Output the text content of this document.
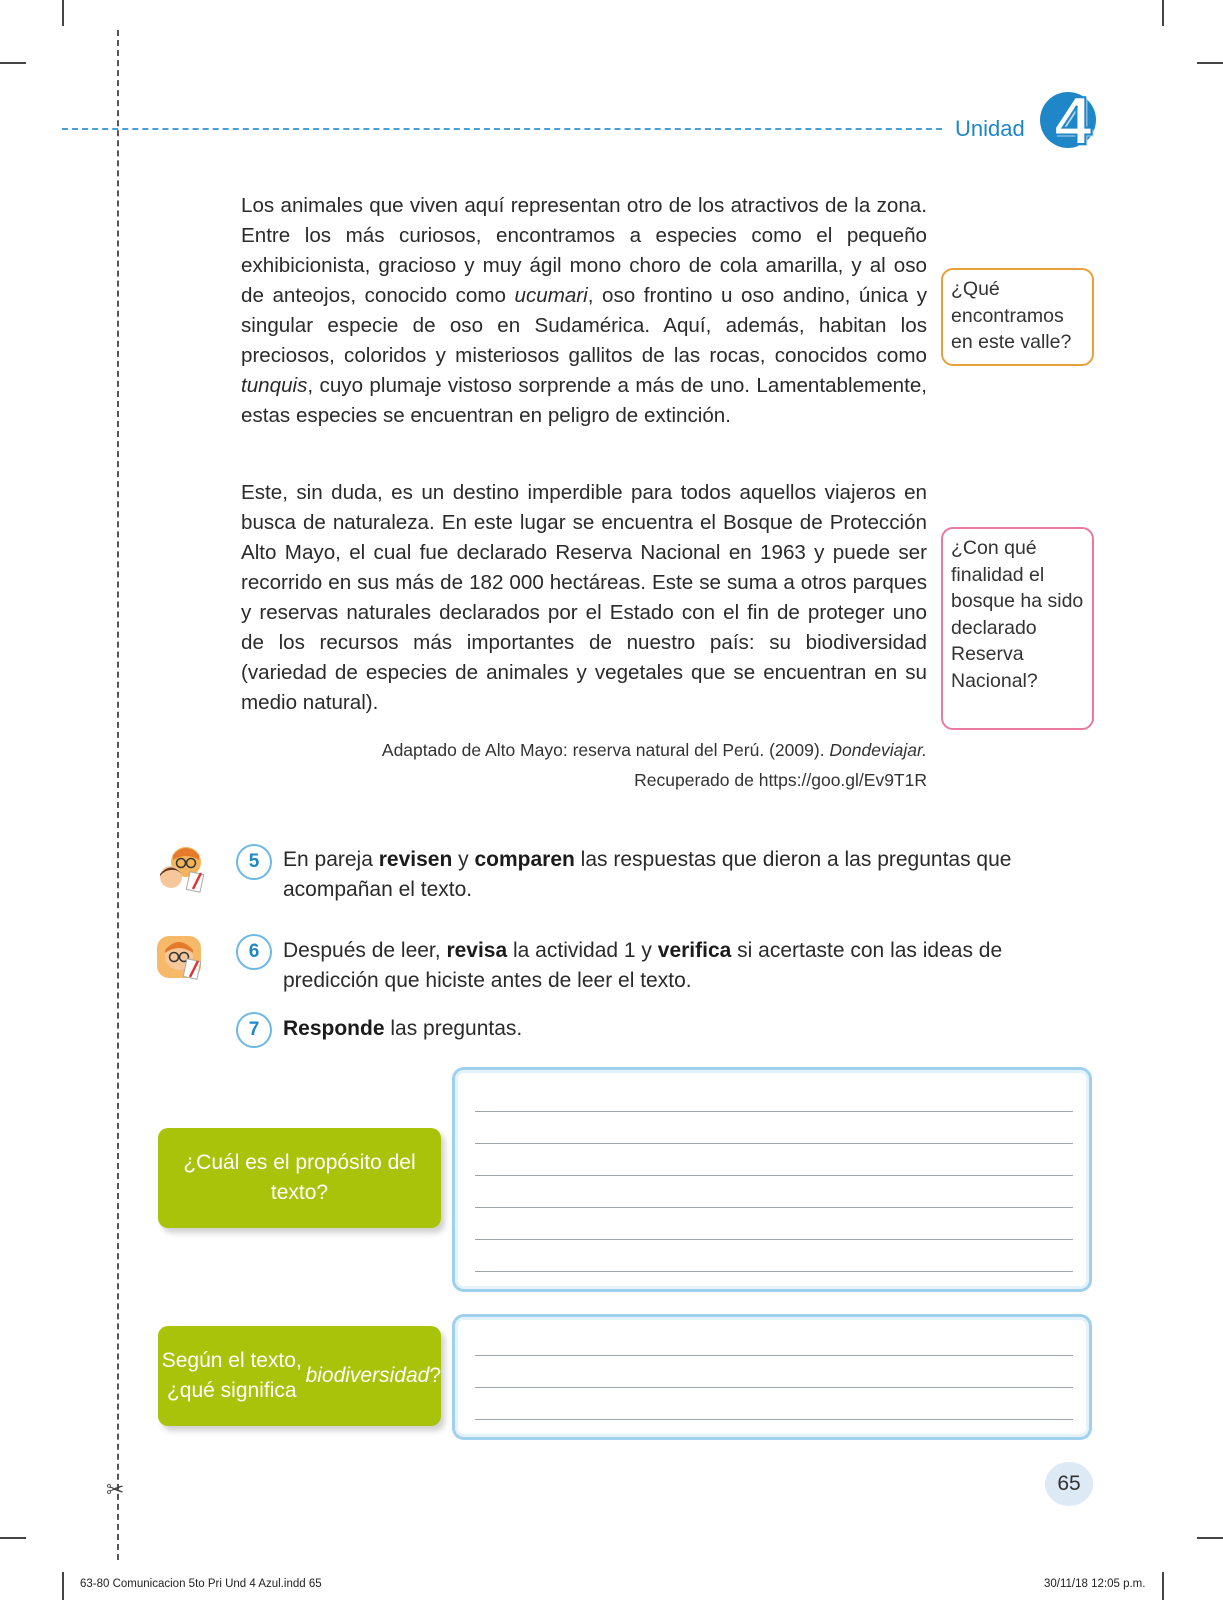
Unidad 4
Los animales que viven aquí representan otro de los atractivos de la zona. Entre los más curiosos, encontramos a especies como el pequeño exhibicionista, gracioso y muy ágil mono choro de cola amarilla, y al oso de anteojos, conocido como ucumari, oso frontino u oso andino, única y singular especie de oso en Sudamérica. Aquí, además, habitan los preciosos, coloridos y misteriosos gallitos de las rocas, conocidos como tunquis, cuyo plumaje vistoso sorprende a más de uno. Lamentablemente, estas especies se encuentran en peligro de extinción.
Este, sin duda, es un destino imperdible para todos aquellos viajeros en busca de naturaleza. En este lugar se encuentra el Bosque de Protección Alto Mayo, el cual fue declarado Reserva Nacional en 1963 y puede ser recorrido en sus más de 182 000 hectáreas. Este se suma a otros parques y reservas naturales declarados por el Estado con el fin de proteger uno de los recursos más importantes de nuestro país: su biodiversidad (variedad de especies de animales y vegetales que se encuentran en su medio natural).
¿Qué encontramos en este valle?
¿Con qué finalidad el bosque ha sido declarado Reserva Nacional?
Adaptado de Alto Mayo: reserva natural del Perú. (2009). Dondeviajar.
Recuperado de https://goo.gl/Ev9T1R
5
6
7
En pareja revisen y comparen las respuestas que dieron a las preguntas que acompañan el texto.
Después de leer, revisa la actividad 1 y verifica si acertaste con las ideas de predicción que hiciste antes de leer el texto.
Responde las preguntas.
¿Cuál es el propósito del texto?
Según el texto, ¿qué significa
biodiversidad ?
65
✂
63-80 Comunicacion 5to Pri Und 4 Azul.indd 65	30/11/18 12:05 p.m.
